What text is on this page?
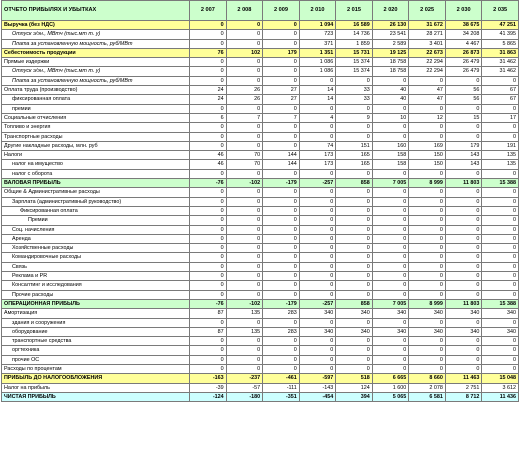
ОТЧЕТО ПРИБЫЛЯХ И УБЫТКАХ	2 007	2 008	2 009	2 010	2 015	2 020	2 025	2 030	2 035
Выручка (без НДС)	0	0	0	1 094	16 589	26 130	31 672	38 675	47 251
Отпуск э/эн., МВтч (тыс.мт т. у)	0	0	0	723	14 736	23 541	28 271	34 208	41 395
Плата за установленную мощность, руб/МВт	0	0	0	371	1 859	2 589	3 401	4 467	5 865
Себестоимость продукции	76	102	179	1 351	15 731	19 125	22 673	26 873	31 863
Прямые издержки	0	0	0	1 086	15 374	18 758	22 294	26 479	31 462
Отпуск э/эн., МВтч (тыс.мт т. у)	0	0	0	1 086	15 374	18 758	22 294	26 479	31 462
Плата за установленную мощность, руб/МВт	0	0	0	0	0	0	0	0	0
Оплата труда (производство)	24	26	27	14	33	40	47	56	67
фиксированная оплата	24	26	27	14	33	40	47	56	67
премии	0	0	0	0	0	0	0	0	0
Социальные отчисления	6	7	7	4	9	10	12	15	17
Топливо и энергия	0	0	0	0	0	0	0	0	0
Транспортные расходы	0	0	0	0	0	0	0	0	0
Другие накладные расходы, млн. руб	0	0	0	74	151	160	169	179	191
Налоги	46	70	144	173	165	158	150	143	135
налог на имущество	46	70	144	173	165	158	150	143	135
налог с оборота	0	0	0	0	0	0	0	0	0
ВАЛОВАЯ ПРИБЫЛЬ	-76	-102	-179	-257	858	7 005	8 999	11 803	15 388
Общие & Административные расходы	0	0	0	0	0	0	0	0	0
Зарплата (административный руководство)	0	0	0	0	0	0	0	0	0
Фиксированная оплата	0	0	0	0	0	0	0	0	0
Премии	0	0	0	0	0	0	0	0	0
Соц. начисления	0	0	0	0	0	0	0	0	0
Аренда	0	0	0	0	0	0	0	0	0
Хозяйственные расходы	0	0	0	0	0	0	0	0	0
Командировочные расходы	0	0	0	0	0	0	0	0	0
Связь	0	0	0	0	0	0	0	0	0
Реклама и PR	0	0	0	0	0	0	0	0	0
Консалтинг и исследования	0	0	0	0	0	0	0	0	0
Прочие расходы	0	0	0	0	0	0	0	0	0
ОПЕРАЦИОННАЯ ПРИБЫЛЬ	-76	-102	-179	-257	858	7 005	8 999	11 803	15 388
Амортизация	87	135	283	340	340	340	340	340	340
здания и сооружения	0	0	0	0	0	0	0	0	0
оборудование	87	135	283	340	340	340	340	340	340
транспортные средства	0	0	0	0	0	0	0	0	0
оргтехника	0	0	0	0	0	0	0	0	0
прочие ОС	0	0	0	0	0	0	0	0	0
Расходы по процентам	0	0	0	0	0	0	0	0	0
ПРИБЫЛЬ ДО НАЛОГООБЛОЖЕНИЯ	-163	-237	-461	-597	518	6 665	8 660	11 463	15 048
Налог на прибыль	-39	-57	-111	-143	124	1 600	2 078	2 751	3 612
ЧИСТАЯ ПРИБЫЛЬ	-124	-180	-351	-454	394	5 065	6 581	8 712	11 436
